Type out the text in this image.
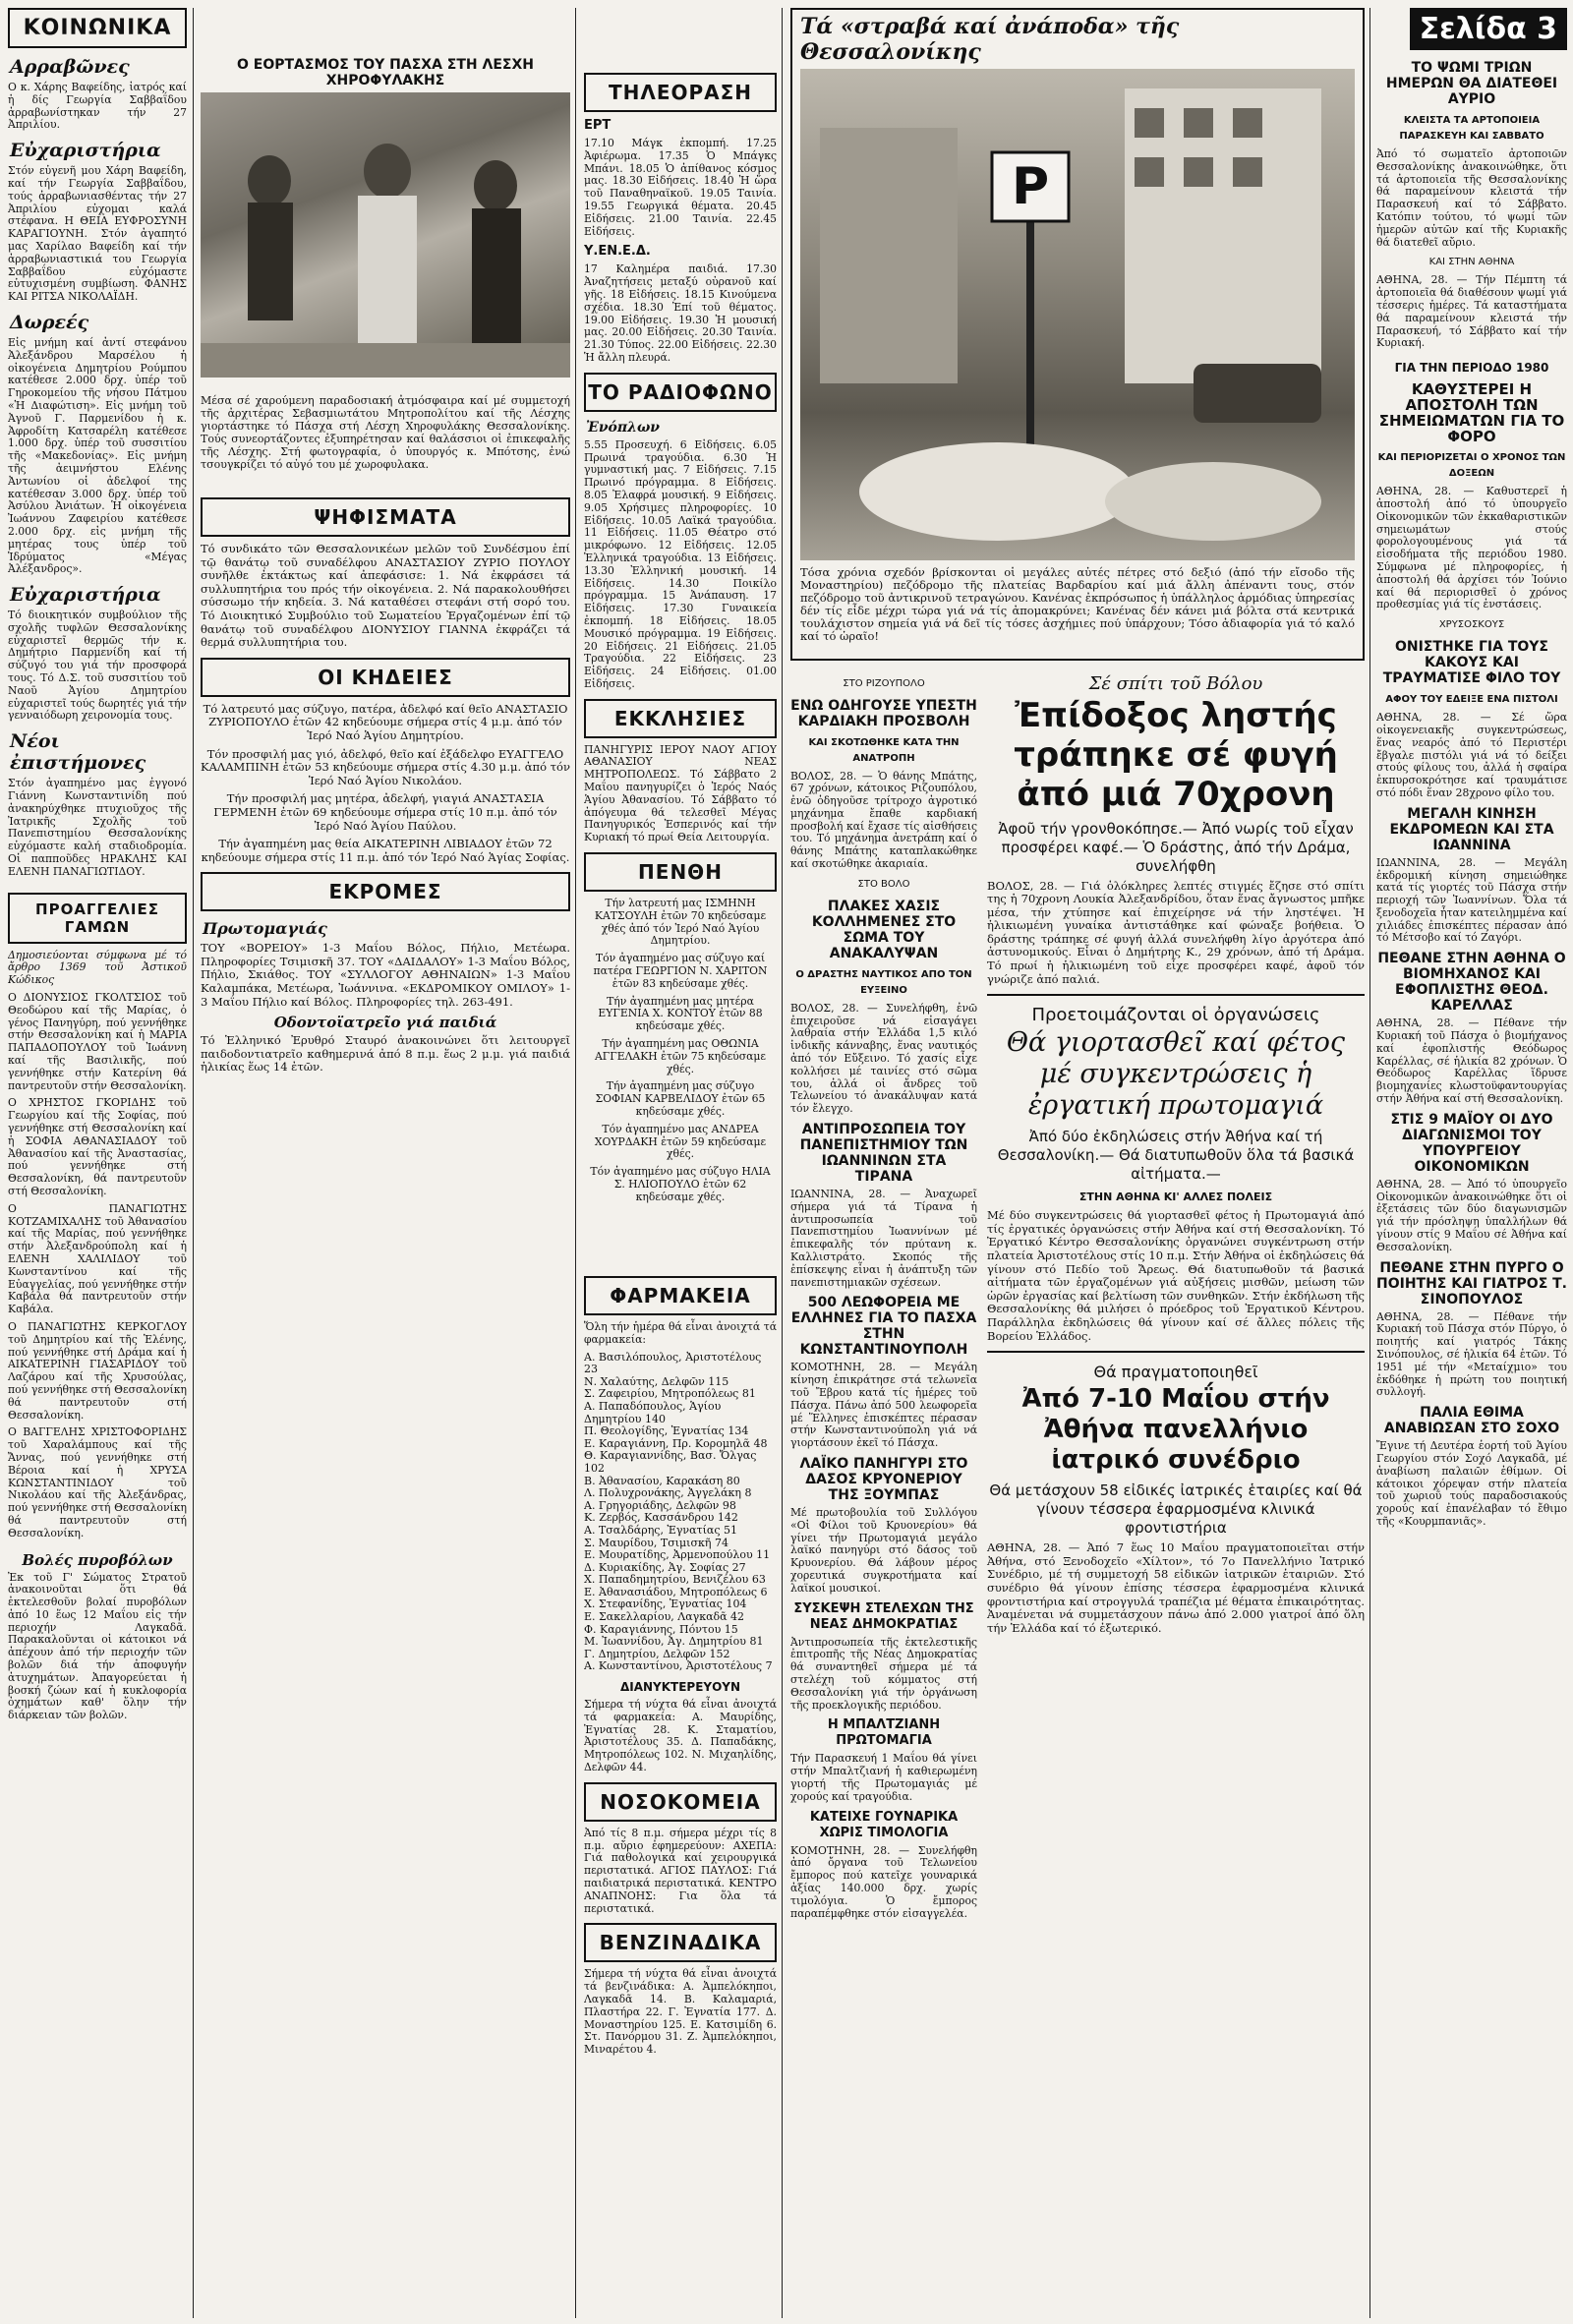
ΚΟΙΝΩΝΙΚΑ
Αρραβῶνες

Ο κ. Χάρης Βαφείδης, ἰατρός καί ἡ δίς Γεωργία Σαββαΐδου ἀρραβωνίστηκαν τήν 27 Ἀπριλίου.

Εὐχαριστήρια

Στόν εὐγενῆ μου Χάρη Βαφείδη, καί τήν Γεωργία Σαββαΐδου, τούς ἀρραβωνιασθέντας τήν 27 Ἀπριλίου εὐχομαι καλά στέφανα. Η ΘΕΙΑ ΕΥΦΡΟΣΥΝΗ ΚΑΡΑΓΙΟΥΝΗ. Στόν ἀγαπητό μας Χαρίλαο Βαφείδη καί τήν ἀρραβωνιαστικιά του Γεωργία Σαββαΐδου εὐχόμαστε εὐτυχισμένη συμβίωση. ΦΑΝΗΣ ΚΑΙ ΡΙΤΣΑ ΝΙΚΟΛΑΪΔΗ.

Δωρεές

Εἰς μνήμη καί ἀντί στεφάνου Ἀλεξάνδρου Μαρσέλου ἡ οἰκογένεια Δημητρίου Ρούμπου κατέθεσε 2.000 δρχ. ὑπέρ τοῦ Γηροκομείου τῆς νήσου Πάτμου «Ἡ Διαφώτιση». Εἰς μνήμη τοῦ Ἀγνοῦ Γ. Παρμενίδου ἡ κ. Ἀφροδίτη Κατσαρέλη κατέθεσε 1.000 δρχ. ὑπέρ τοῦ συσσιτίου τῆς «Μακεδονίας». Εἰς μνήμη τῆς ἀειμνήστου Ελένης Ἀντωνίου οἱ ἀδελφοί της κατέθεσαν 3.000 δρχ. ὑπέρ τοῦ Ἀσύλου Ἀνιάτων. Ἡ οἰκογένεια Ἰωάννου Ζαφειρίου κατέθεσε 2.000 δρχ. εἰς μνήμη τῆς μητέρας τους ὑπέρ τοῦ Ἱδρύματος «Μέγας Ἀλέξανδρος».

Εὐχαριστήρια

Τό διοικητικόν συμβούλιον τῆς σχολῆς τυφλῶν Θεσσαλονίκης εὐχαριστεῖ θερμῶς τήν κ. Δημήτριο Παρμενίδη καί τή σύζυγό του γιά τήν προσφορά τους. Τό Δ.Σ. τοῦ συσσιτίου τοῦ Ναοῦ Ἀγίου Δημητρίου εὐχαριστεῖ τούς δωρητές γιά τήν γενναιόδωρη χειρονομία τους.

Νέοι ἐπιστήμονες

Στόν ἀγαπημένο μας ἐγγονό Γιάννη Κωνσταντινίδη πού ἀνακηρύχθηκε πτυχιοῦχος τῆς Ἰατρικῆς Σχολῆς τοῦ Πανεπιστημίου Θεσσαλονίκης εὐχόμαστε καλή σταδιοδρομία. Οἱ παπποῦδες ΗΡΑΚΛΗΣ ΚΑΙ ΕΛΕΝΗ ΠΑΝΑΓΙΩΤΙΔΟΥ.

ΠΡΟΑΓΓΕΛΙΕΣ ΓΑΜΩΝ

Δημοσιεύονται σύμφωνα μέ τό ἄρθρο 1369 τοῦ Ἀστικοῦ Κώδικος

Ο ΔΙΟΝΥΣΙΟΣ ΓΚΟΛΤΣΙΟΣ τοῦ Θεοδώρου καί τῆς Μαρίας, ὁ γένος Πανηγύρη, πού γεννήθηκε στήν Θεσσαλονίκη καί ἡ ΜΑΡΙΑ ΠΑΠΑΔΟΠΟΥΛΟΥ τοῦ Ἰωάννη καί τῆς Βασιλικῆς, πού γεννήθηκε στήν Κατερίνη θά παντρευτοῦν στήν Θεσσαλονίκη.

Ο ΧΡΗΣΤΟΣ ΓΚΟΡΙΔΗΣ τοῦ Γεωργίου καί τῆς Σοφίας, πού γεννήθηκε στή Θεσσαλονίκη καί ἡ ΣΟΦΙΑ ΑΘΑΝΑΣΙΑΔΟΥ τοῦ Ἀθανασίου καί τῆς Ἀναστασίας, πού γεννήθηκε στή Θεσσαλονίκη, θά παντρευτοῦν στή Θεσσαλονίκη.

Ο ΠΑΝΑΓΙΩΤΗΣ ΚΟΤΖΑΜΙΧΑΛΗΣ τοῦ Ἀθανασίου καί τῆς Μαρίας, πού γεννήθηκε στήν Ἀλεξανδρούπολη καί ἡ ΕΛΕΝΗ ΧΑΛΙΛΙΔΟΥ τοῦ Κωνσταντίνου καί τῆς Εὐαγγελίας, πού γεννήθηκε στήν Καβάλα θά παντρευτοῦν στήν Καβάλα.

Ο ΠΑΝΑΓΙΩΤΗΣ ΚΕΡΚΟΓΛΟΥ τοῦ Δημητρίου καί τῆς Ἑλένης, πού γεννήθηκε στή Δράμα καί ἡ ΑΙΚΑΤΕΡΙΝΗ ΓΙΑΣΑΡΙΔΟΥ τοῦ Λαζάρου καί τῆς Χρυσούλας, πού γεννήθηκε στή Θεσσαλονίκη θά παντρευτοῦν στή Θεσσαλονίκη.

Ο ΒΑΓΓΕΛΗΣ ΧΡΙΣΤΟΦΟΡΙΔΗΣ τοῦ Χαραλάμπους καί τῆς Ἄννας, πού γεννήθηκε στή Βέροια καί ἡ ΧΡΥΣΑ ΚΩΝΣΤΑΝΤΙΝΙΔΟΥ τοῦ Νικολάου καί τῆς Ἀλεξάνδρας, πού γεννήθηκε στή Θεσσαλονίκη θά παντρευτοῦν στή Θεσσαλονίκη.

Βολές πυροβόλων

Ἐκ τοῦ Γ' Σώματος Στρατοῦ ἀνακοινοῦται ὅτι θά ἐκτελεσθοῦν βολαί πυροβόλων ἀπό 10 ἕως 12 Μαΐου εἰς τήν περιοχήν Λαγκαδᾶ. Παρακαλοῦνται οἱ κάτοικοι νά ἀπέχουν ἀπό τήν περιοχήν τῶν βολῶν διά τήν ἀποφυγήν ἀτυχημάτων. Ἀπαγορεύεται ἡ βοσκή ζώων καί ἡ κυκλοφορία ὀχημάτων καθ' ὅλην τήν διάρκειαν τῶν βολῶν.

Ο ΕΟΡΤΑΣΜΟΣ ΤΟΥ ΠΑΣΧΑ ΣΤΗ ΛΕΣΧΗ ΧΗΡΟΦΥΛΑΚΗΣ

Μέσα σέ χαρούμενη παραδοσιακή ἀτμόσφαιρα καί μέ συμμετοχή τῆς ἀρχιτέρας Σεβασμιωτάτου Μητροπολίτου καί τῆς Λέσχης γιορτάστηκε τό Πάσχα στή Λέσχη Χηροφυλάκης Θεσσαλονίκης. Τούς συνεορτάζοντες ἐξυπηρέτησαν καί θαλάσσιοι οἱ ἐπικεφαλῆς τῆς Λέσχης. Στή φωτογραφία, ὁ ὑπουργός κ. Μπότσης, ἐνώ τσουγκρίζει τό αὐγό του μέ χωροφυλακα.

ΨΗΦΙΣΜΑΤΑ

Τό συνδικάτο τῶν Θεσσαλονικέων μελῶν τοῦ Συνδέσμου ἐπί τῷ θανάτῳ τοῦ συναδέλφου ΑΝΑΣΤΑΣΙΟΥ ΖΥΡΙΟ ΠΟΥΛΟΥ συνῆλθε ἐκτάκτως καί ἀπεφάσισε: 1. Νά ἐκφράσει τά συλλυπητήρια του πρός τήν οἰκογένεια. 2. Νά παρακολουθήσει σύσσωμο τήν κηδεία. 3. Νά καταθέσει στεφάνι στή σορό του. Τό Διοικητικό Συμβούλιο τοῦ Σωματείου Ἐργαζομένων ἐπί τῷ θανάτῳ τοῦ συναδέλφου ΔΙΟΝΥΣΙΟΥ ΓΙΑΝΝΑ ἐκφράζει τά θερμά συλλυπητήρια του.

ΟΙ ΚΗΔΕΙΕΣ

Τό λατρευτό μας σύζυγο, πατέρα, ἀδελφό καί θεῖο ΑΝΑΣΤΑΣΙΟ ΖΥΡΙΟΠΟΥΛΟ ἐτῶν 42 κηδεύουμε σήμερα στίς 4 μ.μ. ἀπό τόν Ἱερό Ναό Ἁγίου Δημητρίου.

Τόν προσφιλή μας γιό, ἀδελφό, θεῖο καί ἐξάδελφο ΕΥΑΓΓΕΛΟ ΚΑΛΑΜΠΙΝΗ ἐτῶν 53 κηδεύουμε σήμερα στίς 4.30 μ.μ. ἀπό τόν Ἱερό Ναό Ἁγίου Νικολάου.

Τήν προσφιλή μας μητέρα, ἀδελφή, γιαγιά ΑΝΑΣΤΑΣΙΑ ΓΕΡΜΕΝΗ ἐτῶν 69 κηδεύουμε σήμερα στίς 10 π.μ. ἀπό τόν Ἱερό Ναό Ἁγίου Παύλου.

Τήν ἀγαπημένη μας θεία ΑΙΚΑΤΕΡΙΝΗ ΛΙΒΙΑΔΟΥ ἐτῶν 72 κηδεύουμε σήμερα στίς 11 π.μ. ἀπό τόν Ἱερό Ναό Ἁγίας Σοφίας.

ΕΚΡΟΜΕΣ
Πρωτομαγιάς

ΤΟΥ «ΒΟΡΕΙΟΥ» 1-3 Μαΐου Βόλος, Πήλιο, Μετέωρα. Πληροφορίες Τσιμισκῆ 37. ΤΟΥ «ΔΑΙΔΑΛΟΥ» 1-3 Μαΐου Βόλος, Πήλιο, Σκιάθος. ΤΟΥ «ΣΥΛΛΟΓΟΥ ΑΘΗΝΑΙΩΝ» 1-3 Μαΐου Καλαμπάκα, Μετέωρα, Ἰωάννινα. «ΕΚΔΡΟΜΙΚΟΥ ΟΜΙΛΟΥ» 1-3 Μαΐου Πήλιο καί Βόλος. Πληροφορίες τηλ. 263-491.

Οδοντοϊατρεῖο γιά παιδιά

Τό Ἑλληνικό Ἐρυθρό Σταυρό ἀνακοινώνει ὅτι λειτουργεῖ παιδοδοντιατρεῖο καθημερινά ἀπό 8 π.μ. ἕως 2 μ.μ. γιά παιδιά ἡλικίας ἕως 14 ἐτῶν.

ΤΗΛΕΟΡΑΣΗ
ΕΡΤ

17.10 Μάγκ ἐκπομπή. 17.25 Ἀφιέρωμα. 17.35 Ὁ Μπάγκς Μπάνι. 18.05 Ὁ ἀπίθανος κόσμος μας. 18.30 Εἰδήσεις. 18.40 Ἡ ὥρα τοῦ Παναθηναϊκοῦ. 19.05 Ταινία. 19.55 Γεωργικά θέματα. 20.45 Εἰδήσεις. 21.00 Ταινία. 22.45 Εἰδήσεις.

Υ.ΕΝ.Ε.Δ.

17 Καλημέρα παιδιά. 17.30 Ἀναζητήσεις μεταξύ οὐρανοῦ καί γῆς. 18 Εἰδήσεις. 18.15 Κινούμενα σχέδια. 18.30 Ἐπί τοῦ θέματος. 19.00 Εἰδήσεις. 19.30 Ἡ μουσική μας. 20.00 Εἰδήσεις. 20.30 Ταινία. 21.30 Τύπος. 22.00 Εἰδήσεις. 22.30 Ἡ ἄλλη πλευρά.

ΤΟ ΡΑΔΙΟΦΩΝΟ
Ἐνόπλων

5.55 Προσευχή. 6 Εἰδήσεις. 6.05 Πρωινά τραγούδια. 6.30 Ἡ γυμναστική μας. 7 Εἰδήσεις. 7.15 Πρωινό πρόγραμμα. 8 Εἰδήσεις. 8.05 Ἐλαφρά μουσική. 9 Εἰδήσεις. 9.05 Χρήσιμες πληροφορίες. 10 Εἰδήσεις. 10.05 Λαϊκά τραγούδια. 11 Εἰδήσεις. 11.05 Θέατρο στό μικρόφωνο. 12 Εἰδήσεις. 12.05 Ἐλληνικά τραγούδια. 13 Εἰδήσεις. 13.30 Ἐλληνική μουσική. 14 Εἰδήσεις. 14.30 Ποικίλο πρόγραμμα. 15 Ἀνάπαυση. 17 Εἰδήσεις. 17.30 Γυναικεία ἐκπομπή. 18 Εἰδήσεις. 18.05 Μουσικό πρόγραμμα. 19 Εἰδήσεις. 20 Εἰδήσεις. 21 Εἰδήσεις. 21.05 Τραγούδια. 22 Εἰδήσεις. 23 Εἰδήσεις. 24 Εἰδήσεις. 01.00 Εἰδήσεις.

ΕΚΚΛΗΣΙΕΣ

ΠΑΝΗΓΥΡΙΣ ΙΕΡΟΥ ΝΑΟΥ ΑΓΙΟΥ ΑΘΑΝΑΣΙΟΥ ΝΕΑΣ ΜΗΤΡΟΠΟΛΕΩΣ. Τό Σάββατο 2 Μαΐου πανηγυρίζει ὁ Ἱερός Ναός Ἁγίου Ἀθανασίου. Τό Σάββατο τό ἀπόγευμα θά τελεσθεῖ Μέγας Πανηγυρικός Ἑσπερινός καί τήν Κυριακή τό πρωί Θεία Λειτουργία.

ΠΕΝΘΗ

Τήν λατρευτή μας ΙΣΜΗΝΗ ΚΑΤΣΟΥΛΗ ἐτῶν 70 κηδεύσαμε χθές ἀπό τόν Ἱερό Ναό Ἁγίου Δημητρίου.

Τόν ἀγαπημένο μας σύζυγο καί πατέρα ΓΕΩΡΓΙΟΝ Ν. ΧΑΡΙΤΟΝ ἐτῶν 83 κηδεύσαμε χθές.

Τήν ἀγαπημένη μας μητέρα ΕΥΓΕΝΙΑ Χ. ΚΟΝΤΟΥ ἐτῶν 88 κηδεύσαμε χθές.

Τήν ἀγαπημένη μας ΟΘΩΝΙΑ ΑΓΓΕΛΑΚΗ ἐτῶν 75 κηδεύσαμε χθές.

Τήν ἀγαπημένη μας σύζυγο ΣΟΦΙΑΝ ΚΑΡΒΕΛΙΔΟΥ ἐτῶν 65 κηδεύσαμε χθές.

Τόν ἀγαπημένο μας ΑΝΔΡΕΑ ΧΟΥΡΔΑΚΗ ἐτῶν 59 κηδεύσαμε χθές.

Τόν ἀγαπημένο μας σύζυγο ΗΛΙΑ Σ. ΗΛΙΟΠΟΥΛΟ ἐτῶν 62 κηδεύσαμε χθές.

ΦΑΡΜΑΚΕΙΑ

Ὅλη τήν ἡμέρα θά εἶναι ἀνοιχτά τά φαρμακεία:

Α. Βασιλόπουλος, Ἀριστοτέλους 23
Ν. Χαλαύτης, Δελφῶν 115
Σ. Ζαφειρίου, Μητροπόλεως 81
Α. Παπαδόπουλος, Ἁγίου Δημητρίου 140
Π. Θεολογίδης, Ἐγνατίας 134
Ε. Καραγιάννη, Πρ. Κορομηλᾶ 48
Θ. Καραγιαννίδης, Βασ. Ὄλγας 102
Β. Ἀθανασίου, Καρακάση 80
Λ. Πολυχρονάκης, Ἀγγελάκη 8
Α. Γρηγοριάδης, Δελφῶν 98
Κ. Ζερβός, Κασσάνδρου 142
Α. Τσαλδάρης, Ἐγνατίας 51
Σ. Μαυρίδου, Τσιμισκῆ 74
Ε. Μουρατίδης, Ἀρμενοπούλου 11
Δ. Κυριακίδης, Ἀγ. Σοφίας 27
Χ. Παπαδημητρίου, Βενιζέλου 63
Ε. Ἀθανασιάδου, Μητροπόλεως 6
Χ. Στεφανίδης, Ἐγνατίας 104
Ε. Σακελλαρίου, Λαγκαδᾶ 42
Φ. Καραγιάννης, Πόντου 15
Μ. Ἰωαννίδου, Ἀγ. Δημητρίου 81
Γ. Δημητρίου, Δελφῶν 152
Α. Κωνσταντίνου, Ἀριστοτέλους 7
ΔΙΑΝΥΚΤΕΡΕΥΟΥΝ

Σήμερα τή νύχτα θά εἶναι ἀνοιχτά τά φαρμακεία: Α. Μαυρίδης, Ἐγνατίας 28. Κ. Σταματίου, Ἀριστοτέλους 35. Δ. Παπαδάκης, Μητροπόλεως 102. Ν. Μιχαηλίδης, Δελφῶν 44.

ΝΟΣΟΚΟΜΕΙΑ

Ἀπό τίς 8 π.μ. σήμερα μέχρι τίς 8 π.μ. αὔριο ἐφημερεύουν: ΑΧΕΠΑ: Γιά παθολογικά καί χειρουργικά περιστατικά. ΑΓΙΟΣ ΠΑΥΛΟΣ: Γιά παιδιατρικά περιστατικά. ΚΕΝΤΡΟ ΑΝΑΠΝΟΗΣ: Για ὅλα τά περιστατικά.

ΒΕΝΖΙΝΑΔΙΚΑ

Σήμερα τή νύχτα θά εἶναι ἀνοιχτά τά βενζινάδικα: Α. Ἀμπελόκηποι, Λαγκαδᾶ 14. Β. Καλαμαριά, Πλαστήρα 22. Γ. Ἐγνατία 177. Δ. Μοναστηρίου 125. Ε. Κατσιμίδη 6. Στ. Πανόρμου 31. Ζ. Ἀμπελόκηποι, Μιναρέτου 4.

Τά «στραβά καί ἀνάποδα» τῆς Θεσσαλονίκης
P

Τόσα χρόνια σχεδόν βρίσκονται οἱ μεγάλες αὐτές πέτρες στό δεξιό (ἀπό τήν εἴσοδο τῆς Μοναστηρίου) πεζόδρομο τῆς πλατείας Βαρδαρίου καί μιά ἄλλη ἀπέναντι τους, στόν πεζόδρομο τοῦ ἀντικρινοῦ τετραγώνου. Κανένας ἐκπρόσωπος ἡ ὑπάλληλος ἁρμόδιας ὑπηρεσίας δέν τίς εἶδε μέχρι τώρα γιά νά τίς ἀπομακρύνει; Κανένας δέν κάνει μιά βόλτα στά κεντρικά τουλάχιστον σημεία γιά νά δεῖ τίς τόσες ἀσχήμιες πού ὑπάρχουν; Τόσο ἀδιαφορία γιά τό καλό καί τό ὡραῖο!

ΣΤΟ ΡΙΖΟΥΠΟΛΟ
ΕΝΩ ΟΔΗΓΟΥΣΕ ΥΠΕΣΤΗ ΚΑΡΔΙΑΚΗ ΠΡΟΣΒΟΛΗ
ΚΑΙ ΣΚΟΤΩΘΗΚΕ ΚΑΤΑ ΤΗΝ ΑΝΑΤΡΟΠΗ

ΒΟΛΟΣ, 28. — Ὁ θάνης Μπάτης, 67 χρόνων, κάτοικος Ριζουπόλου, ἐνῶ ὁδηγοῦσε τρίτροχο ἀγροτικό μηχάνημα ἔπαθε καρδιακή προσβολή καί ἔχασε τίς αἰσθήσεις του. Τό μηχάνημα ἀνετράπη καί ὁ θάνης Μπάτης καταπλακώθηκε καί σκοτώθηκε ἀκαριαία.

ΣΤΟ ΒΟΛΟ
ΠΛΑΚΕΣ ΧΑΣΙΣ ΚΟΛΛΗΜΕΝΕΣ ΣΤΟ ΣΩΜΑ ΤΟΥ ΑΝΑΚΑΛΥΨΑΝ
Ο ΔΡΑΣΤΗΣ ΝΑΥΤΙΚΟΣ ΑΠΟ ΤΟΝ ΕΥΞΕΙΝΟ

ΒΟΛΟΣ, 28. — Συνελήφθη, ἐνῶ ἐπιχειροῦσε νά εἰσαγάγει λαθραία στήν Ἑλλάδα 1,5 κιλό ἰνδικῆς κάνναβης, ἕνας ναυτικός ἀπό τόν Εὔξεινο. Τό χασίς εἶχε κολλήσει μέ ταινίες στό σῶμα του, ἀλλά οἱ ἄνδρες τοῦ Τελωνείου τό ἀνακάλυψαν κατά τόν ἔλεγχο.

ΑΝΤΙΠΡΟΣΩΠΕΙΑ ΤΟΥ ΠΑΝΕΠΙΣΤΗΜΙΟΥ ΤΩΝ ΙΩΑΝΝΙΝΩΝ ΣΤΑ ΤΙΡΑΝΑ

ΙΩΑΝΝΙΝΑ, 28. — Ἀναχωρεῖ σήμερα γιά τά Τίρανα ἡ ἀντιπροσωπεία τοῦ Πανεπιστημίου Ἰωαννίνων μέ ἐπικεφαλῆς τόν πρύτανη κ. Καλλιστράτο. Σκοπός τῆς ἐπίσκεψης εἶναι ἡ ἀνάπτυξη τῶν πανεπιστημιακῶν σχέσεων.

500 ΛΕΩΦΟΡΕΙΑ ΜΕ ΕΛΛΗΝΕΣ ΓΙΑ ΤΟ ΠΑΣΧΑ ΣΤΗΝ ΚΩΝΣΤΑΝΤΙΝΟΥΠΟΛΗ

ΚΟΜΟΤΗΝΗ, 28. — Μεγάλη κίνηση ἐπικράτησε στά τελωνεῖα τοῦ Ἔβρου κατά τίς ἡμέρες τοῦ Πάσχα. Πάνω ἀπό 500 λεωφορεῖα μέ Ἕλληνες ἐπισκέπτες πέρασαν στήν Κωνσταντινούπολη γιά νά γιορτάσουν ἐκεῖ τό Πάσχα.

ΛΑΪΚΟ ΠΑΝΗΓΥΡΙ ΣΤΟ ΔΑΣΟΣ ΚΡΥΟΝΕΡΙΟΥ ΤΗΣ ΞΟΥΜΠΑΣ

Μέ πρωτοβουλία τοῦ Συλλόγου «Οἱ Φίλοι τοῦ Κρυονερίου» θά γίνει τήν Πρωτομαγιά μεγάλο λαϊκό πανηγύρι στό δάσος τοῦ Κρυονερίου. Θά λάβουν μέρος χορευτικά συγκροτήματα καί λαϊκοί μουσικοί.

ΣΥΣΚΕΨΗ ΣΤΕΛΕΧΩΝ ΤΗΣ ΝΕΑΣ ΔΗΜΟΚΡΑΤΙΑΣ

Ἀντιπροσωπεία τῆς ἐκτελεστικῆς ἐπιτροπῆς τῆς Νέας Δημοκρατίας θά συναντηθεῖ σήμερα μέ τά στελέχη τοῦ κόμματος στή Θεσσαλονίκη γιά τήν ὀργάνωση τῆς προεκλογικῆς περιόδου.

Η ΜΠΑΛΤΖΙΑΝΗ ΠΡΩΤΟΜΑΓΙΑ

Τήν Παρασκευή 1 Μαΐου θά γίνει στήν Μπαλτζιανή ἡ καθιερωμένη γιορτή τῆς Πρωτομαγιάς μέ χορούς καί τραγούδια.

ΚΑΤΕΙΧΕ ΓΟΥΝΑΡΙΚΑ ΧΩΡΙΣ ΤΙΜΟΛΟΓΙΑ

ΚΟΜΟΤΗΝΗ, 28. — Συνελήφθη ἀπό ὄργανα τοῦ Τελωνείου ἔμπορος πού κατεῖχε γουναρικά ἀξίας 140.000 δρχ. χωρίς τιμολόγια. Ὁ ἔμπορος παραπέμφθηκε στόν εἰσαγγελέα.

Σέ σπίτι τοῦ Βόλου
Ἐπίδοξος ληστής τράπηκε σέ φυγή ἀπό μιά 70χρονη
Ἀφοῦ τήν γρονθοκόπησε.— Ἀπό νωρίς τοῦ εἶχαν προσφέρει καφέ.— Ὁ δράστης, ἀπό τήν Δράμα, συνελήφθη

ΒΟΛΟΣ, 28. — Γιά ὁλόκληρες λεπτές στιγμές ἔζησε στό σπίτι της ἡ 70χρονη Λουκία Ἀλεξανδρίδου, ὅταν ἕνας ἄγνωστος μπῆκε μέσα, τήν χτύπησε καί ἐπιχείρησε νά τήν ληστέψει. Ἡ ἡλικιωμένη γυναίκα ἀντιστάθηκε καί φώναξε βοήθεια. Ὁ δράστης τράπηκε σέ φυγή ἀλλά συνελήφθη λίγο ἀργότερα ἀπό ἀστυνομικούς. Εἶναι ὁ Δημήτρης Κ., 29 χρόνων, ἀπό τή Δράμα. Τό πρωί ἡ ἡλικιωμένη τοῦ εἶχε προσφέρει καφέ, ἀφοῦ τόν γνώριζε ἀπό παλιά.

Προετοιμάζονται οἱ ὀργανώσεις
Θά γιορτασθεῖ καί φέτος μέ συγκεντρώσεις ἡ ἐργατική πρωτομαγιά
Ἀπό δύο ἐκδηλώσεις στήν Ἀθήνα καί τή Θεσσαλονίκη.— Θά διατυπωθοῦν ὅλα τά βασικά αἰτήματα.—
ΣΤΗΝ ΑΘΗΝΑ ΚΙ' ΑΛΛΕΣ ΠΟΛΕΙΣ

Μέ δύο συγκεντρώσεις θά γιορτασθεῖ φέτος ἡ Πρωτομαγιά ἀπό τίς ἐργατικές ὀργανώσεις στήν Ἀθήνα καί στή Θεσσαλονίκη. Τό Ἐργατικό Κέντρο Θεσσαλονίκης ὀργανώνει συγκέντρωση στήν πλατεία Ἀριστοτέλους στίς 10 π.μ. Στήν Ἀθήνα οἱ ἐκδηλώσεις θά γίνουν στό Πεδίο τοῦ Ἄρεως. Θά διατυπωθοῦν τά βασικά αἰτήματα τῶν ἐργαζομένων γιά αὐξήσεις μισθῶν, μείωση τῶν ὡρῶν ἐργασίας καί βελτίωση τῶν συνθηκῶν. Στήν ἐκδήλωση τῆς Θεσσαλονίκης θά μιλήσει ὁ πρόεδρος τοῦ Ἐργατικοῦ Κέντρου. Παράλληλα ἐκδηλώσεις θά γίνουν καί σέ ἄλλες πόλεις τῆς Βορείου Ἑλλάδος.

Θά πραγματοποιηθεῖ
Ἀπό 7-10 Μαΐου στήν Ἀθήνα πανελλήνιο ἰατρικό συνέδριο
Θά μετάσχουν 58 εἰδικές ἰατρικές ἑταιρίες καί θά γίνουν τέσσερα ἐφαρμοσμένα κλινικά φροντιστήρια

ΑΘΗΝΑ, 28. — Ἀπό 7 ἕως 10 Μαΐου πραγματοποιεῖται στήν Ἀθήνα, στό Ξενοδοχεῖο «Χίλτον», τό 7ο Πανελλήνιο Ἰατρικό Συνέδριο, μέ τή συμμετοχή 58 εἰδικῶν ἰατρικῶν ἑταιριῶν. Στό συνέδριο θά γίνουν ἐπίσης τέσσερα ἐφαρμοσμένα κλινικά φροντιστήρια καί στρογγυλά τραπέζια μέ θέματα ἐπικαιρότητας. Ἀναμένεται νά συμμετάσχουν πάνω ἀπό 2.000 γιατροί ἀπό ὅλη τήν Ἑλλάδα καί τό ἐξωτερικό.

Σελίδα 3
ΤΟ ΨΩΜΙ ΤΡΙΩΝ ΗΜΕΡΩΝ ΘΑ ΔΙΑΤΕΘΕΙ ΑΥΡΙΟ
ΚΛΕΙΣΤΑ ΤΑ ΑΡΤΟΠΟΙΕΙΑ ΠΑΡΑΣΚΕΥΗ ΚΑΙ ΣΑΒΒΑΤΟ

Ἀπό τό σωματεῖο ἀρτοποιῶν Θεσσαλονίκης ἀνακοινώθηκε, ὅτι τά ἀρτοποιεῖα τῆς Θεσσαλονίκης θά παραμείνουν κλειστά τήν Παρασκευή καί τό Σάββατο. Κατόπιν τούτου, τό ψωμί τῶν ἡμερῶν αὐτῶν καί τῆς Κυριακῆς θά διατεθεῖ αὔριο.

ΚΑΙ ΣΤΗΝ ΑΘΗΝΑ

ΑΘΗΝΑ, 28. — Τήν Πέμπτη τά ἀρτοποιεῖα θά διαθέσουν ψωμί γιά τέσσερις ἡμέρες. Τά καταστήματα θά παραμείνουν κλειστά τήν Παρασκευή, τό Σάββατο καί τήν Κυριακή.

ΓΙΑ ΤΗΝ ΠΕΡΙΟΔΟ 1980
ΚΑΘΥΣΤΕΡΕΙ Η ΑΠΟΣΤΟΛΗ ΤΩΝ ΣΗΜΕΙΩΜΑΤΩΝ ΓΙΑ ΤΟ ΦΟΡΟ
ΚΑΙ ΠΕΡΙΟΡΙΖΕΤΑΙ Ο ΧΡΟΝΟΣ ΤΩΝ ΔΟΞΕΩΝ

ΑΘΗΝΑ, 28. — Καθυστερεῖ ἡ ἀποστολή ἀπό τό ὑπουργεῖο Οἰκονομικῶν τῶν ἐκκαθαριστικῶν σημειωμάτων στούς φορολογουμένους γιά τά εἰσοδήματα τῆς περιόδου 1980. Σύμφωνα μέ πληροφορίες, ἡ ἀποστολή θά ἀρχίσει τόν Ἰούνιο καί θά περιορισθεῖ ὁ χρόνος προθεσμίας γιά τίς ἐνστάσεις.

ΧΡΥΣΟΣΚΟΥΣ
ΟΝΙΣΤΗΚΕ ΓΙΑ ΤΟΥΣ ΚΑΚΟΥΣ ΚΑΙ ΤΡΑΥΜΑΤΙΣΕ ΦΙΛΟ ΤΟΥ
ΑΦΟΥ ΤΟΥ ΕΔΕΙΞΕ ΕΝΑ ΠΙΣΤΟΛΙ

ΑΘΗΝΑ, 28. — Σέ ὥρα οἰκογενειακῆς συγκεντρώσεως, ἕνας νεαρός ἀπό τό Περιστέρι ἔβγαλε πιστόλι γιά νά τό δείξει στούς φίλους του, ἀλλά ἡ σφαίρα ἐκπυρσοκρότησε καί τραυμάτισε στό πόδι ἕναν 28χρονο φίλο του.

ΜΕΓΑΛΗ ΚΙΝΗΣΗ ΕΚΔΡΟΜΕΩΝ ΚΑΙ ΣΤΑ ΙΩΑΝΝΙΝΑ

ΙΩΑΝΝΙΝΑ, 28. — Μεγάλη ἐκδρομική κίνηση σημειώθηκε κατά τίς γιορτές τοῦ Πάσχα στήν περιοχή τῶν Ἰωαννίνων. Ὅλα τά ξενοδοχεῖα ἦταν κατειλημμένα καί χιλιάδες ἐπισκέπτες πέρασαν ἀπό τό Μέτσοβο καί τό Ζαγόρι.

ΠΕΘΑΝΕ ΣΤΗΝ ΑΘΗΝΑ Ο ΒΙΟΜΗΧΑΝΟΣ ΚΑΙ ΕΦΟΠΛΙΣΤΗΣ ΘΕΟΔ. ΚΑΡΕΛΛΑΣ

ΑΘΗΝΑ, 28. — Πέθανε τήν Κυριακή τοῦ Πάσχα ὁ βιομήχανος καί ἐφοπλιστής Θεόδωρος Καρέλλας, σέ ἡλικία 82 χρόνων. Ὁ Θεόδωρος Καρέλλας ἵδρυσε βιομηχανίες κλωστοϋφαντουργίας στήν Ἀθήνα καί στή Θεσσαλονίκη.

ΣΤΙΣ 9 ΜΑΪΟΥ ΟΙ ΔΥΟ ΔΙΑΓΩΝΙΣΜΟΙ ΤΟΥ ΥΠΟΥΡΓΕΙΟΥ ΟΙΚΟΝΟΜΙΚΩΝ

ΑΘΗΝΑ, 28. — Ἀπό τό ὑπουργεῖο Οἰκονομικῶν ἀνακοινώθηκε ὅτι οἱ ἐξετάσεις τῶν δύο διαγωνισμῶν γιά τήν πρόσληψη ὑπαλλήλων θά γίνουν στίς 9 Μαΐου σέ Ἀθήνα καί Θεσσαλονίκη.

ΠΕΘΑΝΕ ΣΤΗΝ ΠΥΡΓΟ Ο ΠΟΙΗΤΗΣ ΚΑΙ ΓΙΑΤΡΟΣ Τ. ΣΙΝΟΠΟΥΛΟΣ

ΑΘΗΝΑ, 28. — Πέθανε τήν Κυριακή τοῦ Πάσχα στόν Πύργο, ὁ ποιητής καί γιατρός Τάκης Σινόπουλος, σέ ἡλικία 64 ἐτῶν. Τό 1951 μέ τήν «Μεταίχμιο» του ἐκδόθηκε ἡ πρώτη του ποιητική συλλογή.

ΠΑΛΙΑ ΕΘΙΜΑ ΑΝΑΒΙΩΣΑΝ ΣΤΟ ΣΟΧΟ

Ἔγινε τή Δευτέρα ἑορτή τοῦ Ἁγίου Γεωργίου στόν Σοχό Λαγκαδᾶ, μέ ἀναβίωση παλαιῶν ἐθίμων. Οἱ κάτοικοι χόρεψαν στήν πλατεία τοῦ χωριοῦ τούς παραδοσιακούς χορούς καί ἐπανέλαβαν τό ἔθιμο τῆς «Κουρμπανιᾶς».
